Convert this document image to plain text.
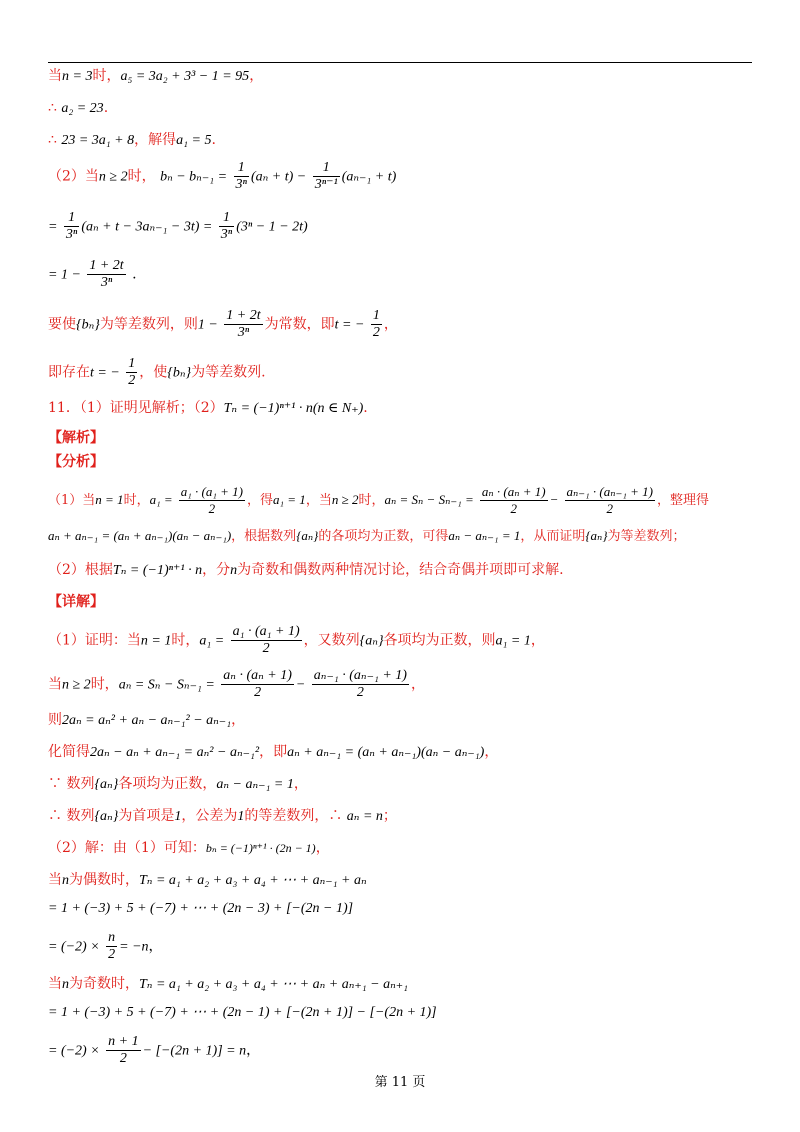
当n = 3时，a₅ = 3a₂ + 3³ − 1 = 95，
∴ a₂ = 23.
∴ 23 = 3a₁ + 8，解得a₁ = 5.
（2）当n ≥ 2时， $b_n - b_{n-1} = \frac{1}{\text{3ⁿ}} (a_n + t) - \frac{1}{\text{3ⁿ⁻¹}} (a_{n-1} + t)$
= $\frac{1}{\text{3ⁿ}} (a_n + t - 3a_{n-1} - 3t) = \frac{1}{\text{3ⁿ}} (3^n - 1 - 2t)$
= $1 - \frac{1 + 2t}{\text{3ⁿ}}$ .
要使{bₙ}为等差数列，则$1 - \frac{1 + 2t}{\text{3ⁿ}}$ 为常数，即t = − $\frac{1}{2}$ ，
即存在t = − $\frac{1}{2}$ ，使{bₙ}为等差数列.
11．（1）证明见解析；（2）Tₙ = (−1)ⁿ⁺¹ · n(n ∈ N₊).
【解析】
【分析】
（1）当n = 1时，$a_1 = \frac{\text{a₁ · (a₁ + 1)}}{2}$ ，得a₁ = 1，当n ≥ 2时，$a_n = S_n - S_{n-1} = \frac{\text{aₙ · (aₙ + 1)}}{2} - \frac{\text{aₙ₋₁ · (aₙ₋₁ + 1)}}{2}$ ，整理得
aₙ + aₙ₋₁ = (aₙ + aₙ₋₁)(aₙ − aₙ₋₁)，根据数列{aₙ}的各项均为正数，可得aₙ − aₙ₋₁ = 1，从而证明{aₙ}为等差数列；
（2）根据Tₙ = (−1)ⁿ⁺¹ · n，分n为奇数和偶数两种情况讨论，结合奇偶并项即可求解.
【详解】
（1）证明：当n = 1时，$a_1 = \frac{\text{a₁ · (a₁ + 1)}}{2}$ ，又数列{aₙ}各项均为正数，则a₁ = 1，
当n ≥ 2时，$a_n = S_n - S_{n-1} = \frac{\text{aₙ · (aₙ + 1)}}{2} - \frac{\text{aₙ₋₁ · (aₙ₋₁ + 1)}}{2}$ ，
则2aₙ = aₙ² + aₙ − aₙ₋₁² − aₙ₋₁，
化简得2aₙ − aₙ + aₙ₋₁ = aₙ² − aₙ₋₁²，即aₙ + aₙ₋₁ = (aₙ + aₙ₋₁)(aₙ − aₙ₋₁)，
∵ 数列{aₙ}各项均为正数，aₙ − aₙ₋₁ = 1，
∴ 数列{aₙ}为首项是1，公差为1的等差数列，∴ aₙ = n；
（2）解：由（1）可知：bₙ = (−1)ⁿ⁺¹ · (2n − 1)，
当n为偶数时，Tₙ = a₁ + a₂ + a₃ + a₄ + ⋯ + aₙ₋₁ + aₙ
= 1 + (−3) + 5 + (−7) + ⋯ + (2n − 3) + [−(2n − 1)]
= $(-2) \times \frac{n}{2} = -n$，
当n为奇数时，Tₙ = a₁ + a₂ + a₃ + a₄ + ⋯ + aₙ + aₙ₊₁ − aₙ₊₁
= 1 + (−3) + 5 + (−7) + ⋯ + (2n − 1) + [−(2n + 1)] − [−(2n + 1)]
= $(-2) \times \frac{n + 1}{2} - [-(2n + 1)] = n$，
第 11 页
